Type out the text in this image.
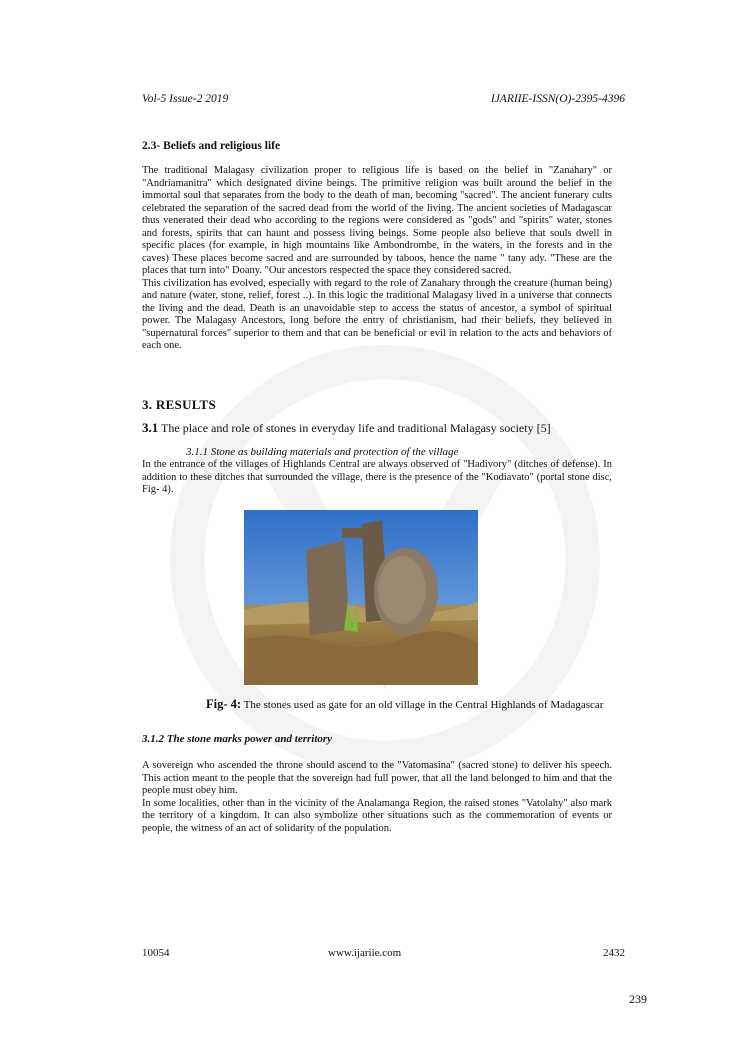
Vol-5 Issue-2 2019	IJARIIE-ISSN(O)-2395-4396
2.3- Beliefs and religious life

The traditional Malagasy civilization proper to religious life is based on the belief in "Zanahary" or "Andriamanitra" which designated divine beings. The primitive religion was built around the belief in the immortal soul that separates from the body to the death of man, becoming "sacred". The ancient funerary cults celebrated the separation of the sacred dead from the world of the living. The ancient societies of Madagascar thus venerated their dead who according to the regions were considered as "gods" and "spirits" water, stones and forests, spirits that can haunt and possess living beings. Some people also believe that souls dwell in specific places (for example, in high mountains like Ambondrombe, in the waters, in the forests and in the caves) These places become sacred and are surrounded by taboos, hence the name " tany ady. "These are the places that turn into" Doany. "Our ancestors respected the space they considered sacred.

This civilization has evolved, especially with regard to the role of Zanahary through the creature (human being) and nature (water, stone, relief, forest ..). In this logic the traditional Malagasy lived in a universe that connects the living and the dead. Death is an unavoidable step to access the status of ancestor, a symbol of spiritual power. The Malagasy Ancestors, long before the entry of christianism, had their beliefs, they believed in "supernatural forces" superior to them and that can be beneficial or evil in relation to the acts and behaviors of each one.

3. RESULTS
3.1 The place and role of stones in everyday life and traditional Malagasy society [5]
3.1.1 Stone as building materials and protection of the village

In the entrance of the villages of Highlands Central are always observed of "Hadivory" (ditches of defense). In addition to these ditches that surrounded the village, there is the presence of the "Kodiavato" (portal stone disc, Fig- 4).

Fig- 4: The stones used as gate for an old village in the Central Highlands of Madagascar
3.1.2 The stone marks power and territory

A sovereign who ascended the throne should ascend to the "Vatomasina" (sacred stone) to deliver his speech. This action meant to the people that the sovereign had full power, that all the land belonged to him and that the people must obey him.

In some localities, other than in the vicinity of the Analamanga Region, the raised stones "Vatolahy" also mark the territory of a kingdom. It can also symbolize other situations such as the commemoration of events or people, the witness of an act of solidarity of the population.

10054	www.ijariie.com	2432
239
